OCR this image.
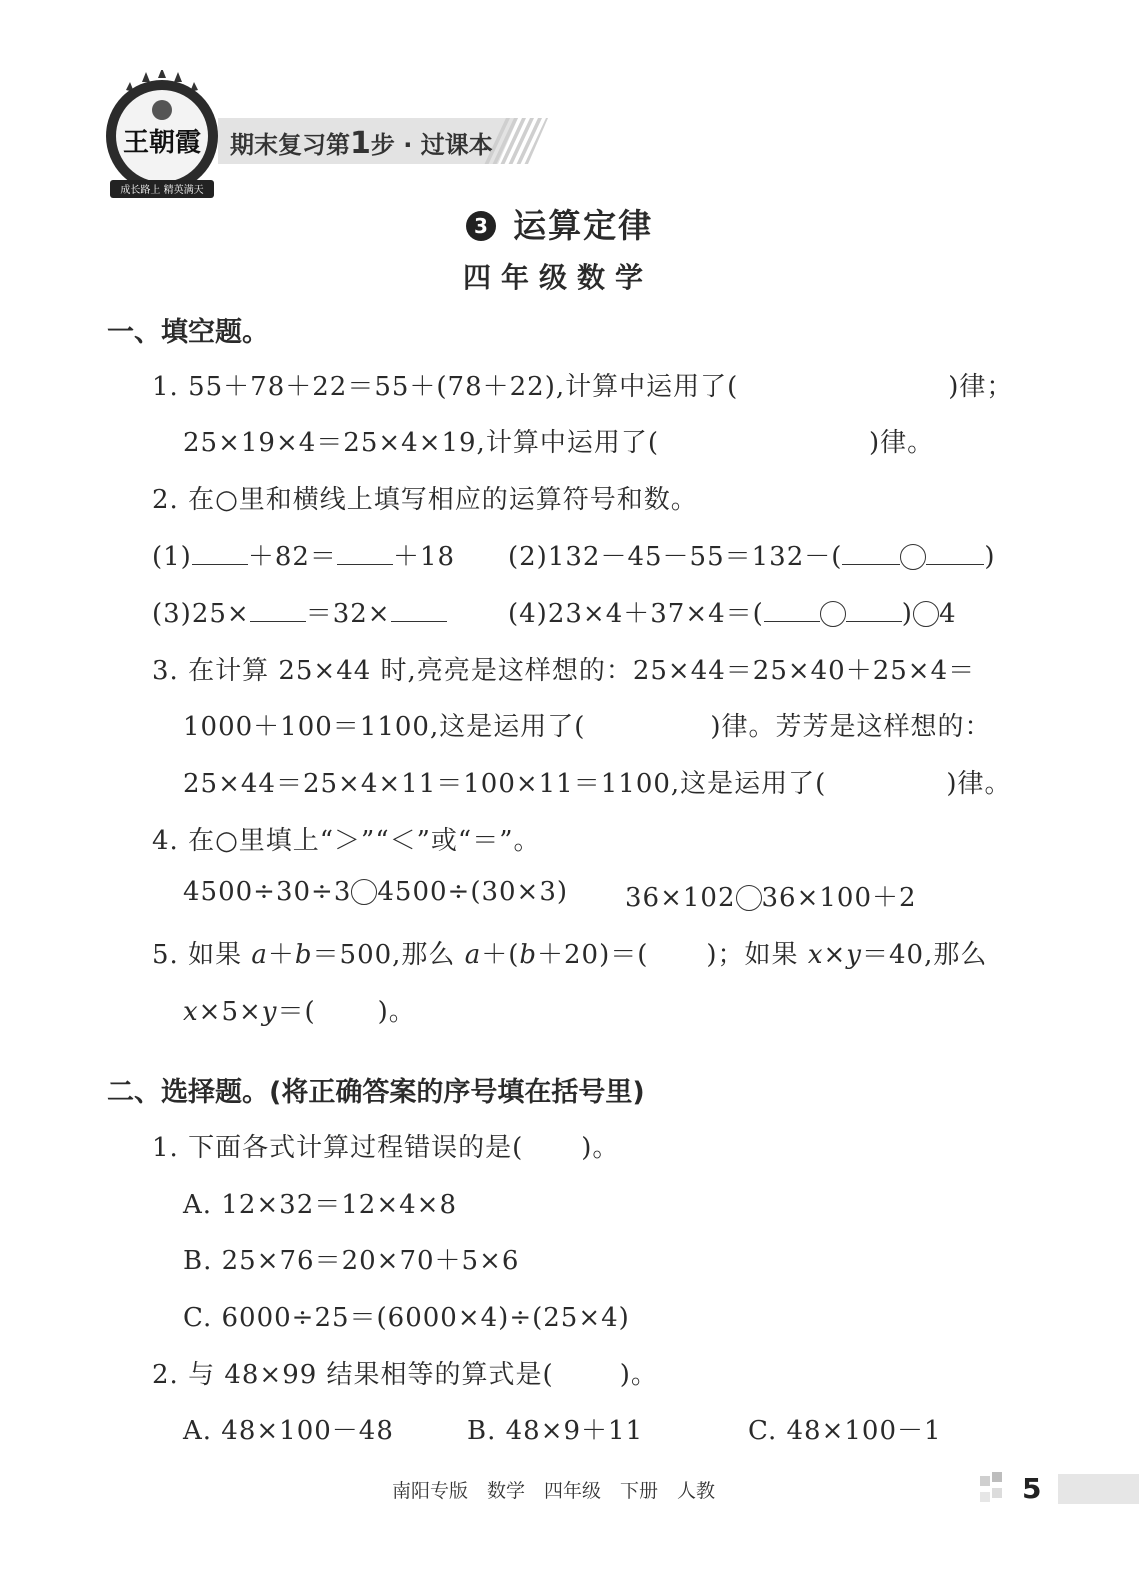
王朝霞
成长路上 精英满天
期末复习第1步 · 过课本
3 运算定律
四年级数学
一、填空题。
1. 55＋78＋22＝55＋(78＋22),计算中运用了(	)律；
25×19×4＝25×4×19,计算中运用了(	)律。
2. 在○里和横线上填写相应的运算符号和数。
(1) ＋82＝ ＋18 (2)132－45－55＝132－(	)
(3)25× ＝32×	(4)23×4＋37×4＝(	) 4
3. 在计算 25×44 时,亮亮是这样想的：25×44＝25×40＋25×4＝
1000＋100＝1100,这是运用了(	)律。芳芳是这样想的：
25×44＝25×4×11＝100×11＝1100,这是运用了(	)律。
4. 在○里填上“＞”“＜”或“＝”。
4500÷30÷3 4500÷(30×3) 36×102 36×100＋2
5. 如果 a＋b＝500,那么 a＋(b＋20)＝( )；如果 x×y＝40,那么
x×5×y＝( )。
二、选择题。(将正确答案的序号填在括号里)
1. 下面各式计算过程错误的是( )。
A. 12×32＝12×4×8
B. 25×76＝20×70＋5×6
C. 6000÷25＝(6000×4)÷(25×4)
2. 与 48×99 结果相等的算式是(	)。
A. 48×100－48	B. 48×9＋11	C. 48×100－1
南阳专版　数学　四年级　下册　人教	5
